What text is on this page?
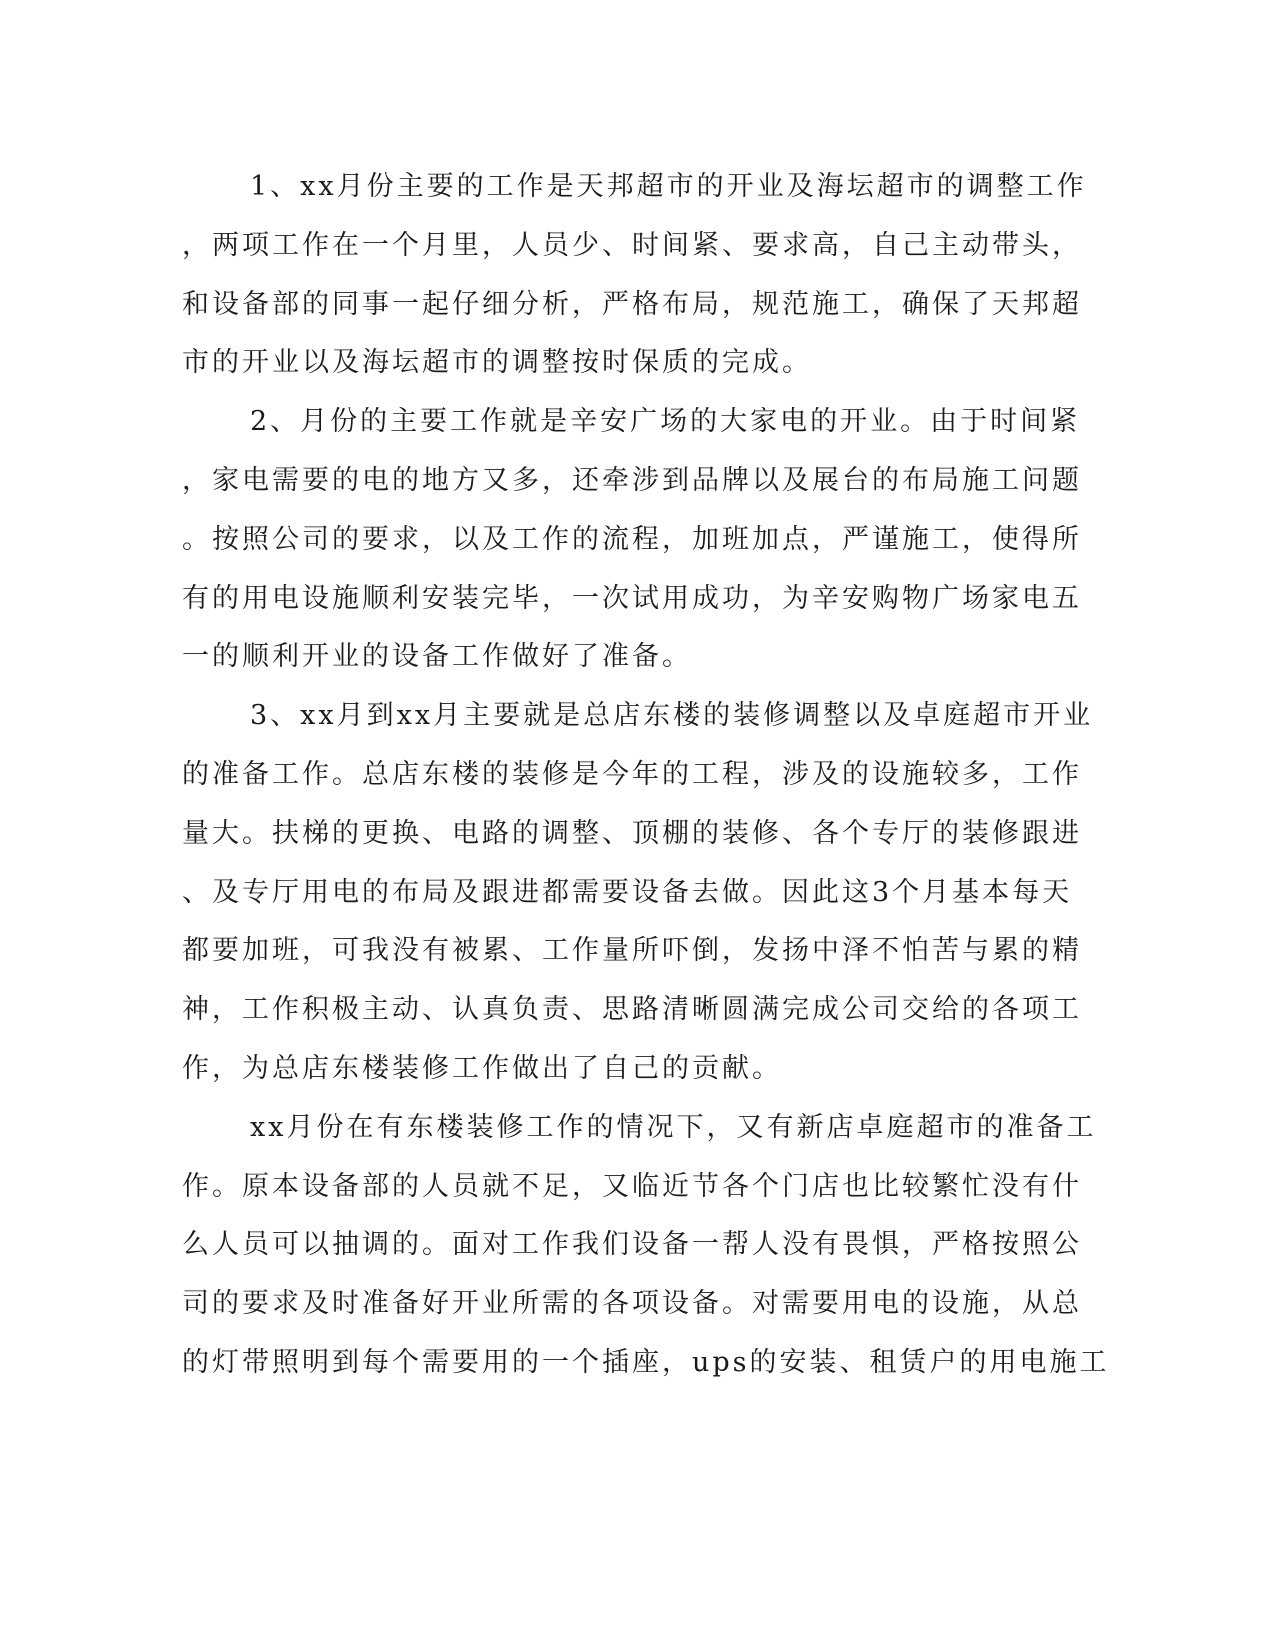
1、xx月份主要的工作是天邦超市的开业及海坛超市的调整工作
，两项工作在一个月里，人员少、时间紧、要求高，自己主动带头，
和设备部的同事一起仔细分析，严格布局，规范施工，确保了天邦超
市的开业以及海坛超市的调整按时保质的完成。
2、月份的主要工作就是辛安广场的大家电的开业。由于时间紧
，家电需要的电的地方又多，还牵涉到品牌以及展台的布局施工问题
。按照公司的要求，以及工作的流程，加班加点，严谨施工，使得所
有的用电设施顺利安装完毕，一次试用成功，为辛安购物广场家电五
一的顺利开业的设备工作做好了准备。
3、xx月到xx月主要就是总店东楼的装修调整以及卓庭超市开业
的准备工作。总店东楼的装修是今年的工程，涉及的设施较多，工作
量大。扶梯的更换、电路的调整、顶棚的装修、各个专厅的装修跟进
、及专厅用电的布局及跟进都需要设备去做。因此这3个月基本每天
都要加班，可我没有被累、工作量所吓倒，发扬中泽不怕苦与累的精
神，工作积极主动、认真负责、思路清晰圆满完成公司交给的各项工
作，为总店东楼装修工作做出了自己的贡献。
xx月份在有东楼装修工作的情况下，又有新店卓庭超市的准备工
作。原本设备部的人员就不足，又临近节各个门店也比较繁忙没有什
么人员可以抽调的。面对工作我们设备一帮人没有畏惧，严格按照公
司的要求及时准备好开业所需的各项设备。对需要用电的设施，从总
的灯带照明到每个需要用的一个插座，ups的安装、租赁户的用电施工
